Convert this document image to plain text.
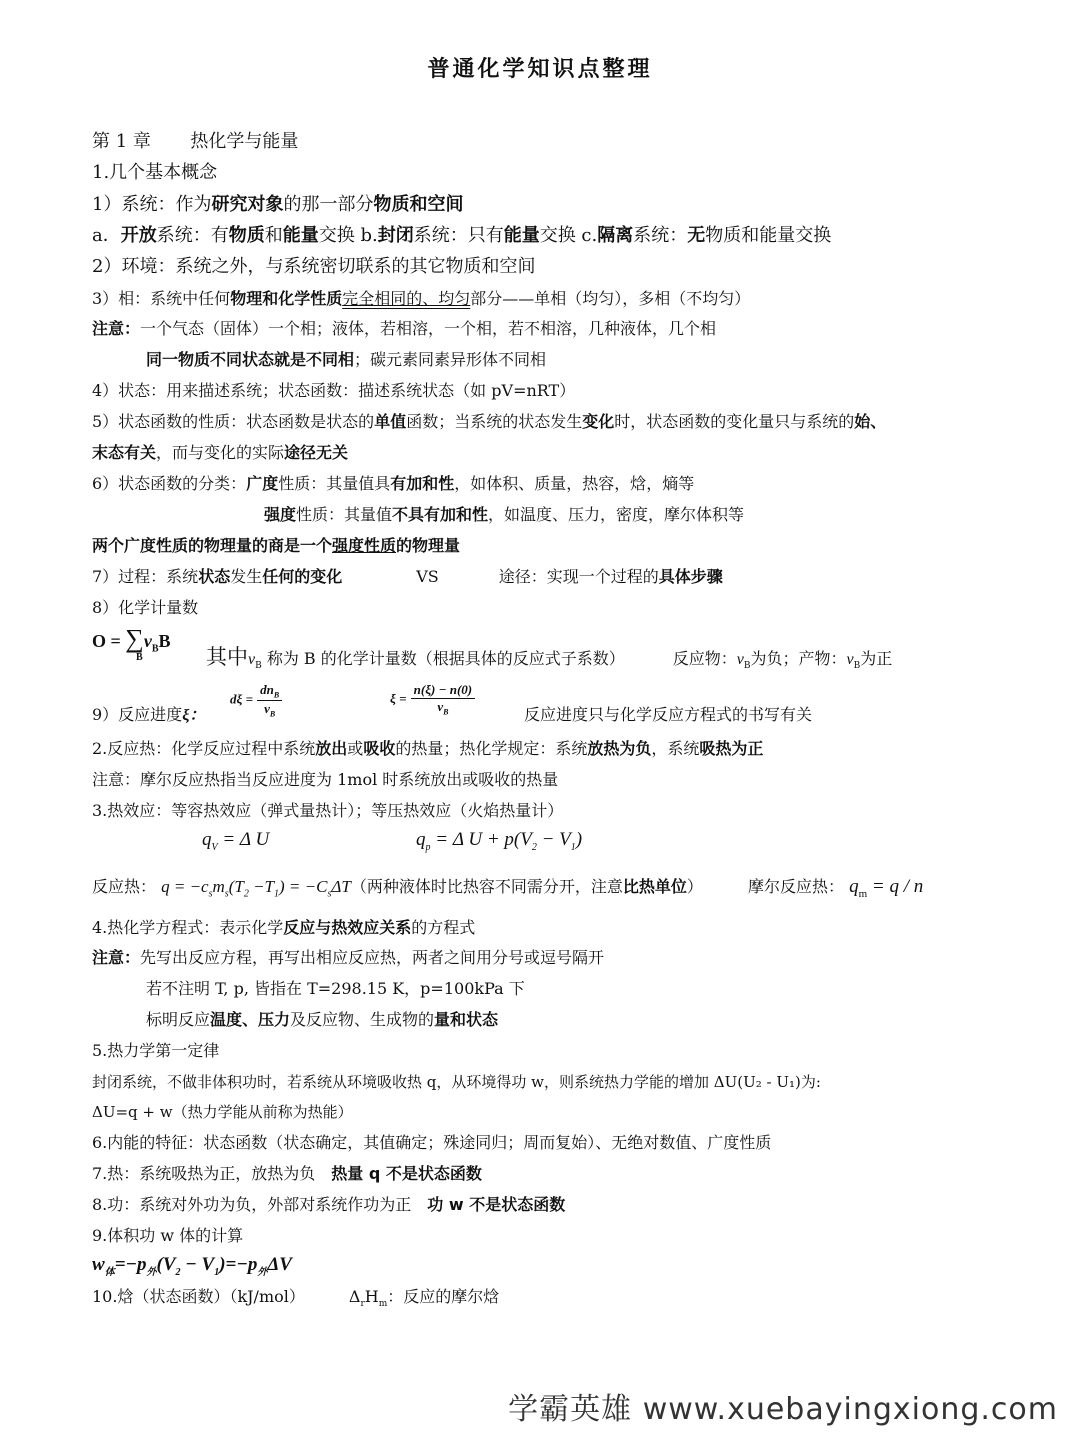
普通化学知识点整理
第 1 章 热化学与能量
1.几个基本概念
1）系统：作为研究对象的那一部分物质和空间
a．开放系统：有物质和能量交换 b.封闭系统：只有能量交换 c.隔离系统：无物质和能量交换
2）环境：系统之外，与系统密切联系的其它物质和空间
3）相：系统中任何物理和化学性质完全相同的、均匀部分——单相（均匀），多相（不均匀）
注意：一个气态（固体）一个相；液体，若相溶，一个相，若不相溶，几种液体，几个相
同一物质不同状态就是不同相；碳元素同素异形体不同相
4）状态：用来描述系统；状态函数：描述系统状态（如 pV=nRT）
5）状态函数的性质：状态函数是状态的单值函数；当系统的状态发生变化时，状态函数的变化量只与系统的始、
末态有关，而与变化的实际途径无关
6）状态函数的分类：广度性质：其量值具有加和性，如体积、质量，热容，焓，熵等
强度性质：其量值不具有加和性，如温度、压力，密度，摩尔体积等
两个广度性质的物理量的商是一个强度性质的物理量
7）过程：系统状态发生任何的变化	VS	途径：实现一个过程的具体步骤
8）化学计量数
$O = \sum\nu_BB$
B	其中$\nu_B$ 称为 B 的化学计量数（根据具体的反应式子系数）	反应物：$\nu_B$为负；产物：$\nu_B$为正
9）反应进度ξ：
$d\xi = \frac{dn_B}{\nu_B}$	$\xi = \frac{n(\xi) - n(0)}{\nu_B}$	反应进度只与化学反应方程式的书写有关
2.反应热：化学反应过程中系统放出或吸收的热量；热化学规定：系统放热为负，系统吸热为正
注意：摩尔反应热指当反应进度为 1mol 时系统放出或吸收的热量
3.热效应：等容热效应（弹式量热计）；等压热效应（火焰热量计）
$q_V = \Delta$ U	$q_p = \Delta$ $U + p(V_2 - V_1)$
反应热： $q = -c_sm_s(T_2 -T_1) = -C_s\Delta T$（两种液体时比热容不同需分开，注意比热单位）	摩尔反应热： $q_m = q / n$
4.热化学方程式：表示化学反应与热效应关系的方程式
注意：先写出反应方程，再写出相应反应热，两者之间用分号或逗号隔开
若不注明 T, p, 皆指在 T=298.15 K，p=100kPa 下
标明反应温度、压力及反应物、生成物的量和状态
5.热力学第一定律
封闭系统，不做非体积功时，若系统从环境吸收热 q，从环境得功 w，则系统热力学能的增加 ΔU(U₂ - U₁)为:
ΔU=q + w（热力学能从前称为热能）
6.内能的特征：状态函数（状态确定，其值确定；殊途同归；周而复始）、无绝对数值、广度性质
7.热：系统吸热为正，放热为负 热量 q 不是状态函数
8.功：系统对外功为负，外部对系统作功为正 功 w 不是状态函数
9.体积功 w 体的计算
$w_体=-p_外(V_2 - V_1)=-p_外\Delta V$
10.焓（状态函数）（kJ/mol）	$\Delta_rH_m$：反应的摩尔焓
学霸英雄 www.xuebayingxiong.com
